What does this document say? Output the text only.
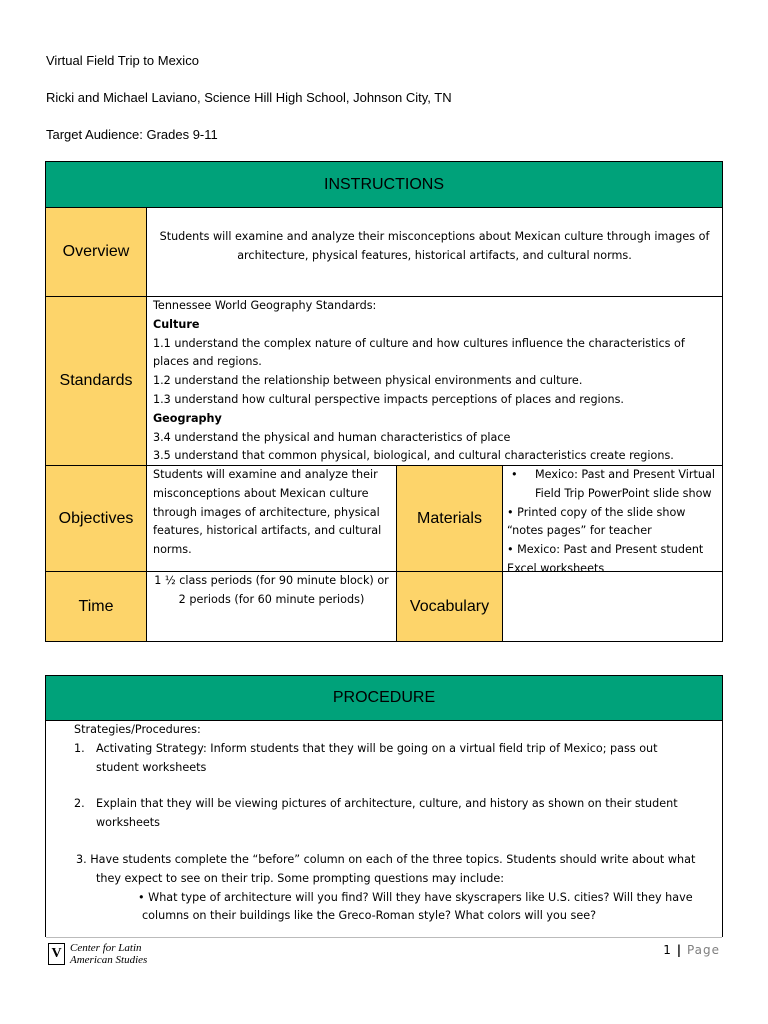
Virtual Field Trip to Mexico
Ricki and Michael Laviano, Science Hill High School, Johnson City, TN
Target Audience: Grades 9-11
INSTRUCTIONS
Overview
Students will examine and analyze their misconceptions about Mexican culture through images of architecture, physical features, historical artifacts, and cultural norms.
Standards
Tennessee World Geography Standards:
Culture
1.1 understand the complex nature of culture and how cultures influence the characteristics of places and regions.
1.2 understand the relationship between physical environments and culture.
1.3 understand how cultural perspective impacts perceptions of places and regions.
Geography
3.4 understand the physical and human characteristics of place
3.5 understand that common physical, biological, and cultural characteristics create regions.
Objectives
Students will examine and analyze their misconceptions about Mexican culture through images of architecture, physical features, historical artifacts, and cultural norms.
Materials
•	Mexico: Past and Present Virtual Field Trip PowerPoint slide show
• Printed copy of the slide show “notes pages” for teacher
• Mexico: Past and Present student Excel worksheets
Time
1 ½ class periods (for 90 minute block) or 2 periods (for 60 minute periods)	Vocabulary
PROCEDURE

Strategies/Procedures:

1. Activating Strategy: Inform students that they will be going on a virtual field trip of Mexico; pass out student worksheets

2. Explain that they will be viewing pictures of architecture, culture, and history as shown on their student worksheets

3. Have students complete the “before” column on each of the three topics. Students should write about what they expect to see on their trip. Some prompting questions may include:

• What type of architecture will you find? Will they have skyscrapers like U.S. cities? Will they have columns on their buildings like the Greco-Roman style? What colors will you see?

V Center for Latin
American Studies
1 | Page
